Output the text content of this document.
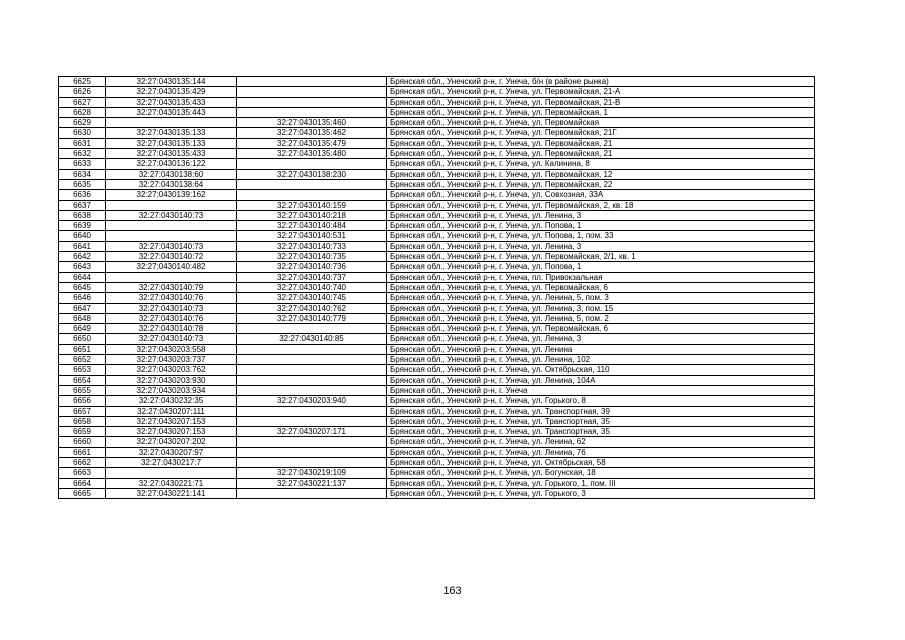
6625	32:27:0430135:144		Брянская обл., Унечский р-н, г. Унеча, б/н (в районе рынка)
6626	32:27:0430135:429		Брянская обл., Унечский р-н, г. Унеча, ул. Первомайская, 21-А
6627	32:27:0430135:433		Брянская обл., Унечский р-н, г. Унеча, ул. Первомайская, 21-В
6628	32:27:0430135:443		Брянская обл., Унечский р-н, г. Унеча, ул. Первомайская, 1
6629		32:27:0430135:460	Брянская обл., Унечский р-н, г. Унеча, ул. Первомайская
6630	32:27:0430135:133	32:27:0430135:462	Брянская обл., Унечский р-н, г. Унеча, ул. Первомайская, 21Г
6631	32:27:0430135:133	32:27:0430135:479	Брянская обл., Унечский р-н, г. Унеча, ул. Первомайская, 21
6632	32:27:0430135:433	32:27:0430135:480	Брянская обл., Унечский р-н, г. Унеча, ул. Первомайская, 21
6633	32:27:0430136:122		Брянская обл., Унечский р-н, г. Унеча, ул. Калинина, 8
6634	32:27:0430138:60	32:27:0430138:230	Брянская обл., Унечский р-н, г. Унеча, ул. Первомайская, 12
6635	32:27:0430138:64		Брянская обл., Унечский р-н, г. Унеча, ул. Первомайская, 22
6636	32:27:0430139:162		Брянская обл., Унечский р-н, г. Унеча, ул. Совхозная, 33А
6637		32:27:0430140:159	Брянская обл., Унечский р-н, г. Унеча, ул. Первомайская, 2, кв. 18
6638	32:27:0430140:73	32:27:0430140:218	Брянская обл., Унечский р-н, г. Унеча, ул. Ленина, 3
6639		32:27:0430140:484	Брянская обл., Унечский р-н, г. Унеча, ул. Попова, 1
6640		32:27:0430140:531	Брянская обл., Унечский р-н, г. Унеча, ул. Попова, 1, пом. 33
6641	32:27:0430140:73	32:27:0430140:733	Брянская обл., Унечский р-н, г. Унеча, ул. Ленина, 3
6642	32:27:0430140:72	32:27:0430140:735	Брянская обл., Унечский р-н, г. Унеча, ул. Первомайская, 2/1, кв. 1
6643	32:27:0430140:482	32:27:0430140:736	Брянская обл., Унечский р-н, г. Унеча, ул. Попова, 1
6644		32:27:0430140:737	Брянская обл., Унечский р-н, г. Унеча, пл. Привокзальная
6645	32:27:0430140:79	32:27:0430140:740	Брянская обл., Унечский р-н, г. Унеча, ул. Первомайская, 6
6646	32:27:0430140:76	32:27:0430140:745	Брянская обл., Унечский р-н, г. Унеча, ул. Ленина, 5, пом. 3
6647	32:27:0430140:73	32:27:0430140:762	Брянская обл., Унечский р-н, г. Унеча, ул. Ленина, 3, пом. 15
6648	32:27:0430140:76	32:27:0430140:779	Брянская обл., Унечский р-н, г. Унеча, ул. Ленина, 5, пом. 2
6649	32:27:0430140:78		Брянская обл., Унечский р-н, г. Унеча, ул. Первомайская, 6
6650	32:27:0430140:73	32:27:0430140:85	Брянская обл., Унечский р-н, г. Унеча, ул. Ленина, 3
6651	32:27:0430203:558		Брянская обл., Унечский р-н, г. Унеча, ул. Ленина
6652	32:27:0430203:737		Брянская обл., Унечский р-н, г. Унеча, ул. Ленина, 102
6653	32:27:0430203:762		Брянская обл., Унечский р-н, г. Унеча, ул. Октябрьская, 110
6654	32:27:0430203:930		Брянская обл., Унечский р-н, г. Унеча, ул. Ленина, 104А
6655	32:27:0430203:934		Брянская обл., Унечский р-н, г. Унеча
6656	32:27:0430232:35	32:27:0430203:940	Брянская обл., Унечский р-н, г. Унеча, ул. Горького, 8
6657	32:27:0430207:111		Брянская обл., Унечский р-н, г. Унеча, ул. Транспортная, 39
6658	32:27:0430207:153		Брянская обл., Унечский р-н, г. Унеча, ул. Транспортная, 35
6659	32:27:0430207:153	32:27:0430207:171	Брянская обл., Унечский р-н, г. Унеча, ул. Транспортная, 35
6660	32:27:0430207:202		Брянская обл., Унечский р-н, г. Унеча, ул. Ленина, 62
6661	32:27:0430207:97		Брянская обл., Унечский р-н, г. Унеча, ул. Ленина, 76
6662	32:27:0430217:7		Брянская обл., Унечский р-н, г. Унеча, ул. Октябрьская, 58
6663		32:27:0430219:109	Брянская обл., Унечский р-н, г. Унеча, ул. Богунская, 18
6664	32:27:0430221:71	32:27:0430221:137	Брянская обл., Унечский р-н, г. Унеча, ул. Горького, 1, пом. III
6665	32:27:0430221:141		Брянская обл., Унечский р-н, г. Унеча, ул. Горького, 3
163
